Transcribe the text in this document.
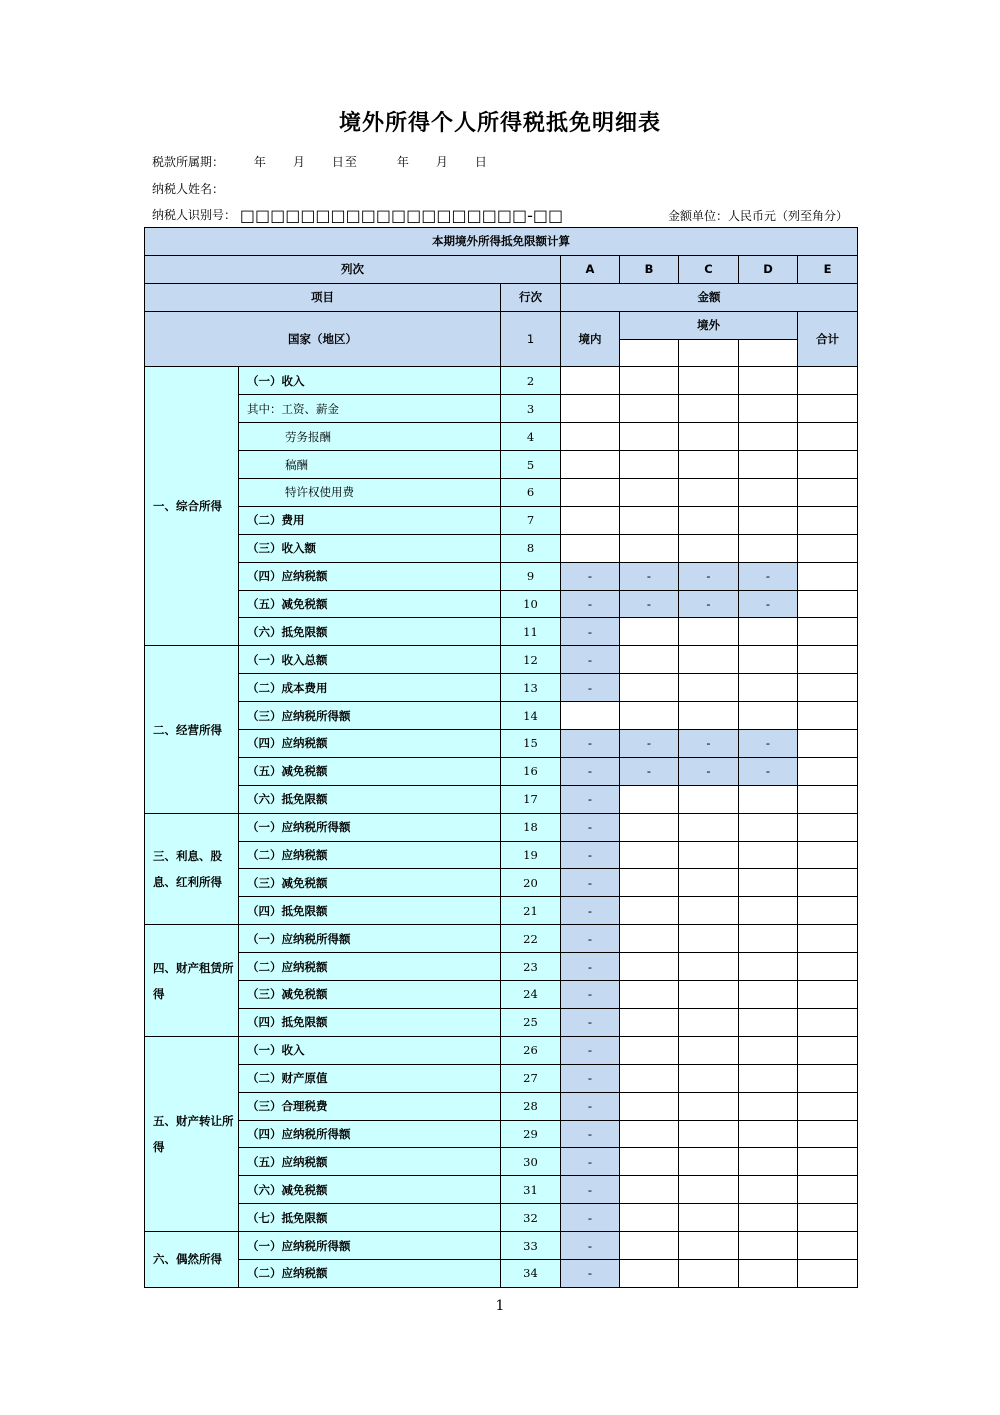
境外所得个人所得税抵免明细表
税款所属期： 年　　月　　日至　　　年　　月　　日
纳税人姓名：
纳税人识别号： □□□□□□□□□□□□□□□□□□□-□□	金额单位：人民币元（列至角分）
本期境外所得抵免限额计算							
列次			A	B	C	D	E
项目		行次	金额				
国家（地区）		1	境内	境外			合计

一、综合所得	（一）收入	2					
	其中：工资、薪金	3					
	劳务报酬	4					
	稿酬	5					
	特许权使用费	6					
	（二）费用	7					
	（三）收入额	8					
	（四）应纳税额	9	-	-	-	-	
	（五）减免税额	10	-	-	-	-	
	（六）抵免限额	11	-				
二、经营所得	（一）收入总额	12	-				
	（二）成本费用	13	-				
	（三）应纳税所得额	14					
	（四）应纳税额	15	-	-	-	-	
	（五）减免税额	16	-	-	-	-	
	（六）抵免限额	17	-				
三、利息、股息、红利所得	（一）应纳税所得额	18	-				
	（二）应纳税额	19	-				
	（三）减免税额	20	-				
	（四）抵免限额	21	-				
四、财产租赁所得	（一）应纳税所得额	22	-				
	（二）应纳税额	23	-				
	（三）减免税额	24	-				
	（四）抵免限额	25	-				
五、财产转让所得	（一）收入	26	-				
	（二）财产原值	27	-				
	（三）合理税费	28	-				
	（四）应纳税所得额	29	-				
	（五）应纳税额	30	-				
	（六）减免税额	31	-				
	（七）抵免限额	32	-				
六、偶然所得	（一）应纳税所得额	33	-				
	（二）应纳税额	34	-				
1
